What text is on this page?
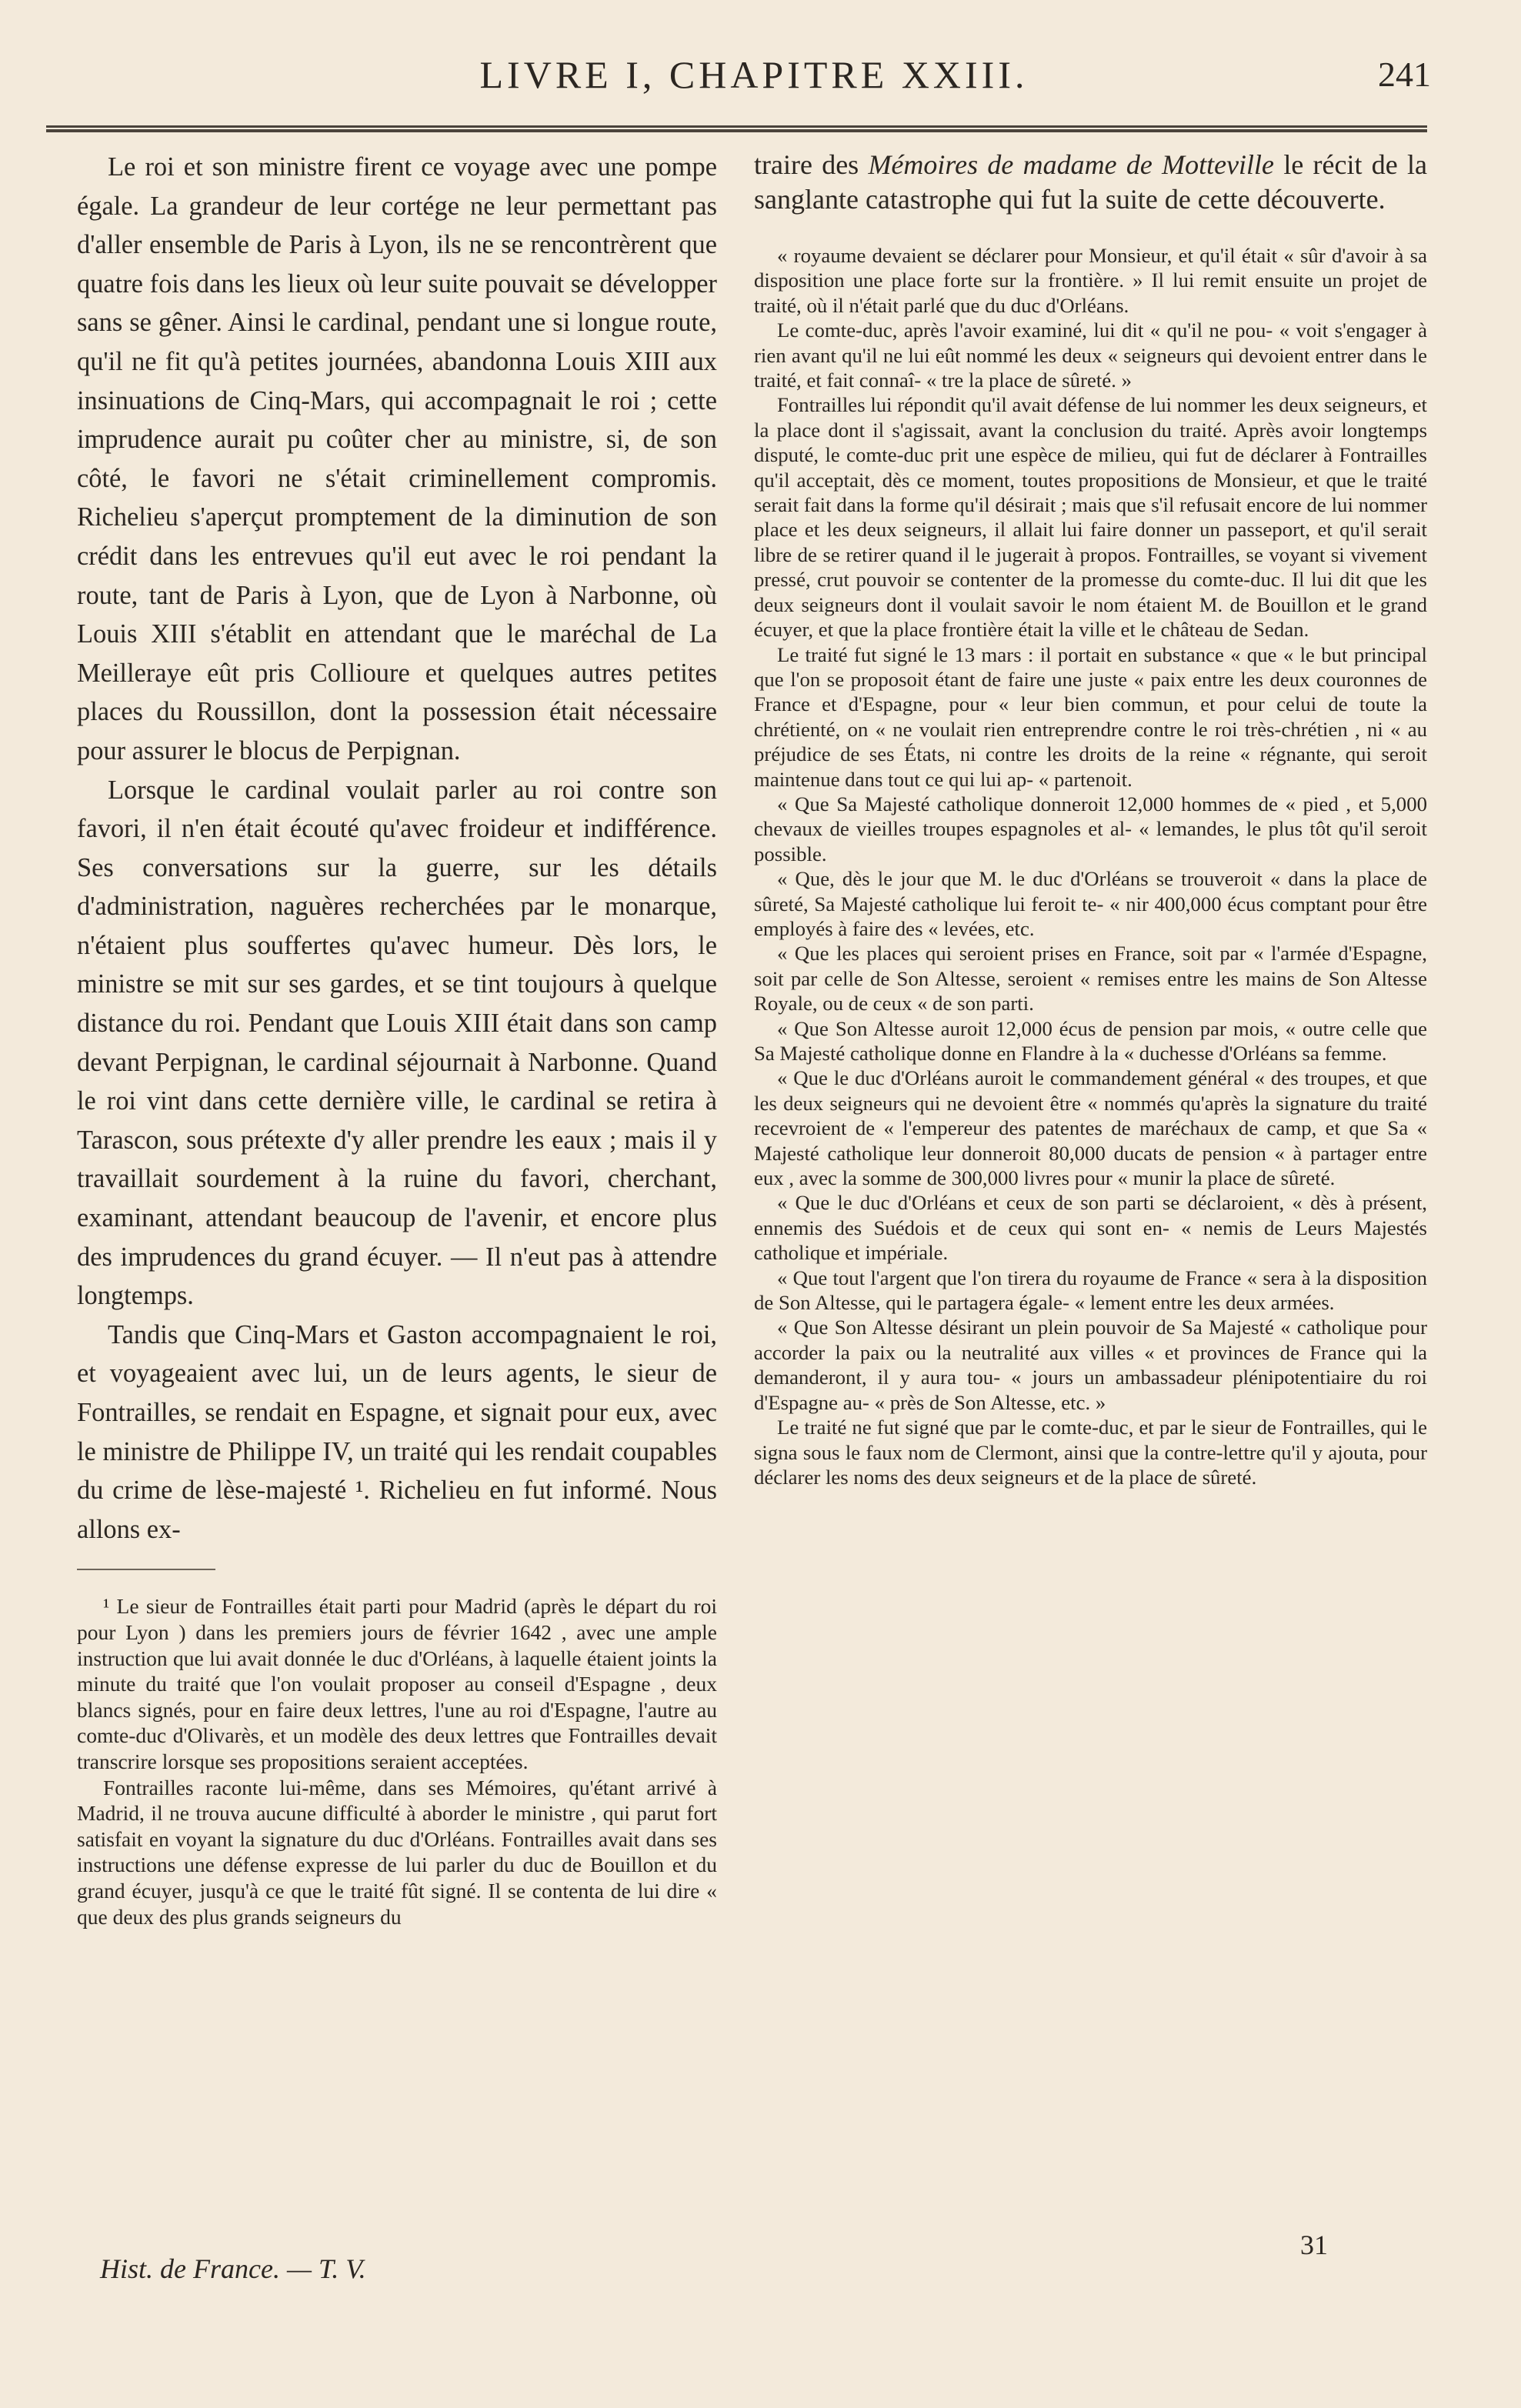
LIVRE I, CHAPITRE XXIII.	241

Le roi et son ministre firent ce voyage avec une pompe égale. La grandeur de leur cortége ne leur permettant pas d'aller ensemble de Paris à Lyon, ils ne se rencontrèrent que quatre fois dans les lieux où leur suite pouvait se développer sans se gêner. Ainsi le cardinal, pendant une si longue route, qu'il ne fit qu'à petites journées, abandonna Louis XIII aux insinuations de Cinq-Mars, qui accompagnait le roi ; cette imprudence aurait pu coûter cher au ministre, si, de son côté, le favori ne s'était criminellement compromis. Richelieu s'aperçut promptement de la diminution de son crédit dans les entrevues qu'il eut avec le roi pendant la route, tant de Paris à Lyon, que de Lyon à Narbonne, où Louis XIII s'établit en attendant que le maréchal de La Meilleraye eût pris Collioure et quelques autres petites places du Roussillon, dont la possession était nécessaire pour assurer le blocus de Perpignan.

Lorsque le cardinal voulait parler au roi contre son favori, il n'en était écouté qu'avec froideur et indifférence. Ses conversations sur la guerre, sur les détails d'administration, naguères recherchées par le monarque, n'étaient plus souffertes qu'avec humeur. Dès lors, le ministre se mit sur ses gardes, et se tint toujours à quelque distance du roi. Pendant que Louis XIII était dans son camp devant Perpignan, le cardinal séjournait à Narbonne. Quand le roi vint dans cette dernière ville, le cardinal se retira à Tarascon, sous prétexte d'y aller prendre les eaux ; mais il y travaillait sourdement à la ruine du favori, cherchant, examinant, attendant beaucoup de l'avenir, et encore plus des imprudences du grand écuyer. — Il n'eut pas à attendre longtemps.

Tandis que Cinq-Mars et Gaston accompagnaient le roi, et voyageaient avec lui, un de leurs agents, le sieur de Fontrailles, se rendait en Espagne, et signait pour eux, avec le ministre de Philippe IV, un traité qui les rendait coupables du crime de lèse-majesté ¹. Richelieu en fut informé. Nous allons ex-

¹ Le sieur de Fontrailles était parti pour Madrid (après le départ du roi pour Lyon ) dans les premiers jours de février 1642 , avec une ample instruction que lui avait donnée le duc d'Orléans, à laquelle étaient joints la minute du traité que l'on voulait proposer au conseil d'Espagne , deux blancs signés, pour en faire deux lettres, l'une au roi d'Espagne, l'autre au comte-duc d'Olivarès, et un modèle des deux lettres que Fontrailles devait transcrire lorsque ses propositions seraient acceptées.

Fontrailles raconte lui-même, dans ses Mémoires, qu'étant arrivé à Madrid, il ne trouva aucune difficulté à aborder le ministre , qui parut fort satisfait en voyant la signature du duc d'Orléans. Fontrailles avait dans ses instructions une défense expresse de lui parler du duc de Bouillon et du grand écuyer, jusqu'à ce que le traité fût signé. Il se contenta de lui dire « que deux des plus grands seigneurs du

traire des Mémoires de madame de Motteville le récit de la sanglante catastrophe qui fut la suite de cette découverte.

« royaume devaient se déclarer pour Monsieur, et qu'il était « sûr d'avoir à sa disposition une place forte sur la frontière. » Il lui remit ensuite un projet de traité, où il n'était parlé que du duc d'Orléans.

Le comte-duc, après l'avoir examiné, lui dit « qu'il ne pou- « voit s'engager à rien avant qu'il ne lui eût nommé les deux « seigneurs qui devoient entrer dans le traité, et fait connaî- « tre la place de sûreté. »

Fontrailles lui répondit qu'il avait défense de lui nommer les deux seigneurs, et la place dont il s'agissait, avant la conclusion du traité. Après avoir longtemps disputé, le comte-duc prit une espèce de milieu, qui fut de déclarer à Fontrailles qu'il acceptait, dès ce moment, toutes propositions de Monsieur, et que le traité serait fait dans la forme qu'il désirait ; mais que s'il refusait encore de lui nommer place et les deux seigneurs, il allait lui faire donner un passeport, et qu'il serait libre de se retirer quand il le jugerait à propos. Fontrailles, se voyant si vivement pressé, crut pouvoir se contenter de la promesse du comte-duc. Il lui dit que les deux seigneurs dont il voulait savoir le nom étaient M. de Bouillon et le grand écuyer, et que la place frontière était la ville et le château de Sedan.

Le traité fut signé le 13 mars : il portait en substance « que « le but principal que l'on se proposoit étant de faire une juste « paix entre les deux couronnes de France et d'Espagne, pour « leur bien commun, et pour celui de toute la chrétienté, on « ne voulait rien entreprendre contre le roi très-chrétien , ni « au préjudice de ses États, ni contre les droits de la reine « régnante, qui seroit maintenue dans tout ce qui lui ap- « partenoit.

« Que Sa Majesté catholique donneroit 12,000 hommes de « pied , et 5,000 chevaux de vieilles troupes espagnoles et al- « lemandes, le plus tôt qu'il seroit possible.

« Que, dès le jour que M. le duc d'Orléans se trouveroit « dans la place de sûreté, Sa Majesté catholique lui feroit te- « nir 400,000 écus comptant pour être employés à faire des « levées, etc.

« Que les places qui seroient prises en France, soit par « l'armée d'Espagne, soit par celle de Son Altesse, seroient « remises entre les mains de Son Altesse Royale, ou de ceux « de son parti.

« Que Son Altesse auroit 12,000 écus de pension par mois, « outre celle que Sa Majesté catholique donne en Flandre à la « duchesse d'Orléans sa femme.

« Que le duc d'Orléans auroit le commandement général « des troupes, et que les deux seigneurs qui ne devoient être « nommés qu'après la signature du traité recevroient de « l'empereur des patentes de maréchaux de camp, et que Sa « Majesté catholique leur donneroit 80,000 ducats de pension « à partager entre eux , avec la somme de 300,000 livres pour « munir la place de sûreté.

« Que le duc d'Orléans et ceux de son parti se déclaroient, « dès à présent, ennemis des Suédois et de ceux qui sont en- « nemis de Leurs Majestés catholique et impériale.

« Que tout l'argent que l'on tirera du royaume de France « sera à la disposition de Son Altesse, qui le partagera égale- « lement entre les deux armées.

« Que Son Altesse désirant un plein pouvoir de Sa Majesté « catholique pour accorder la paix ou la neutralité aux villes « et provinces de France qui la demanderont, il y aura tou- « jours un ambassadeur plénipotentiaire du roi d'Espagne au- « près de Son Altesse, etc. »

Le traité ne fut signé que par le comte-duc, et par le sieur de Fontrailles, qui le signa sous le faux nom de Clermont, ainsi que la contre-lettre qu'il y ajouta, pour déclarer les noms des deux seigneurs et de la place de sûreté.

Hist. de France. — T. V.
31
